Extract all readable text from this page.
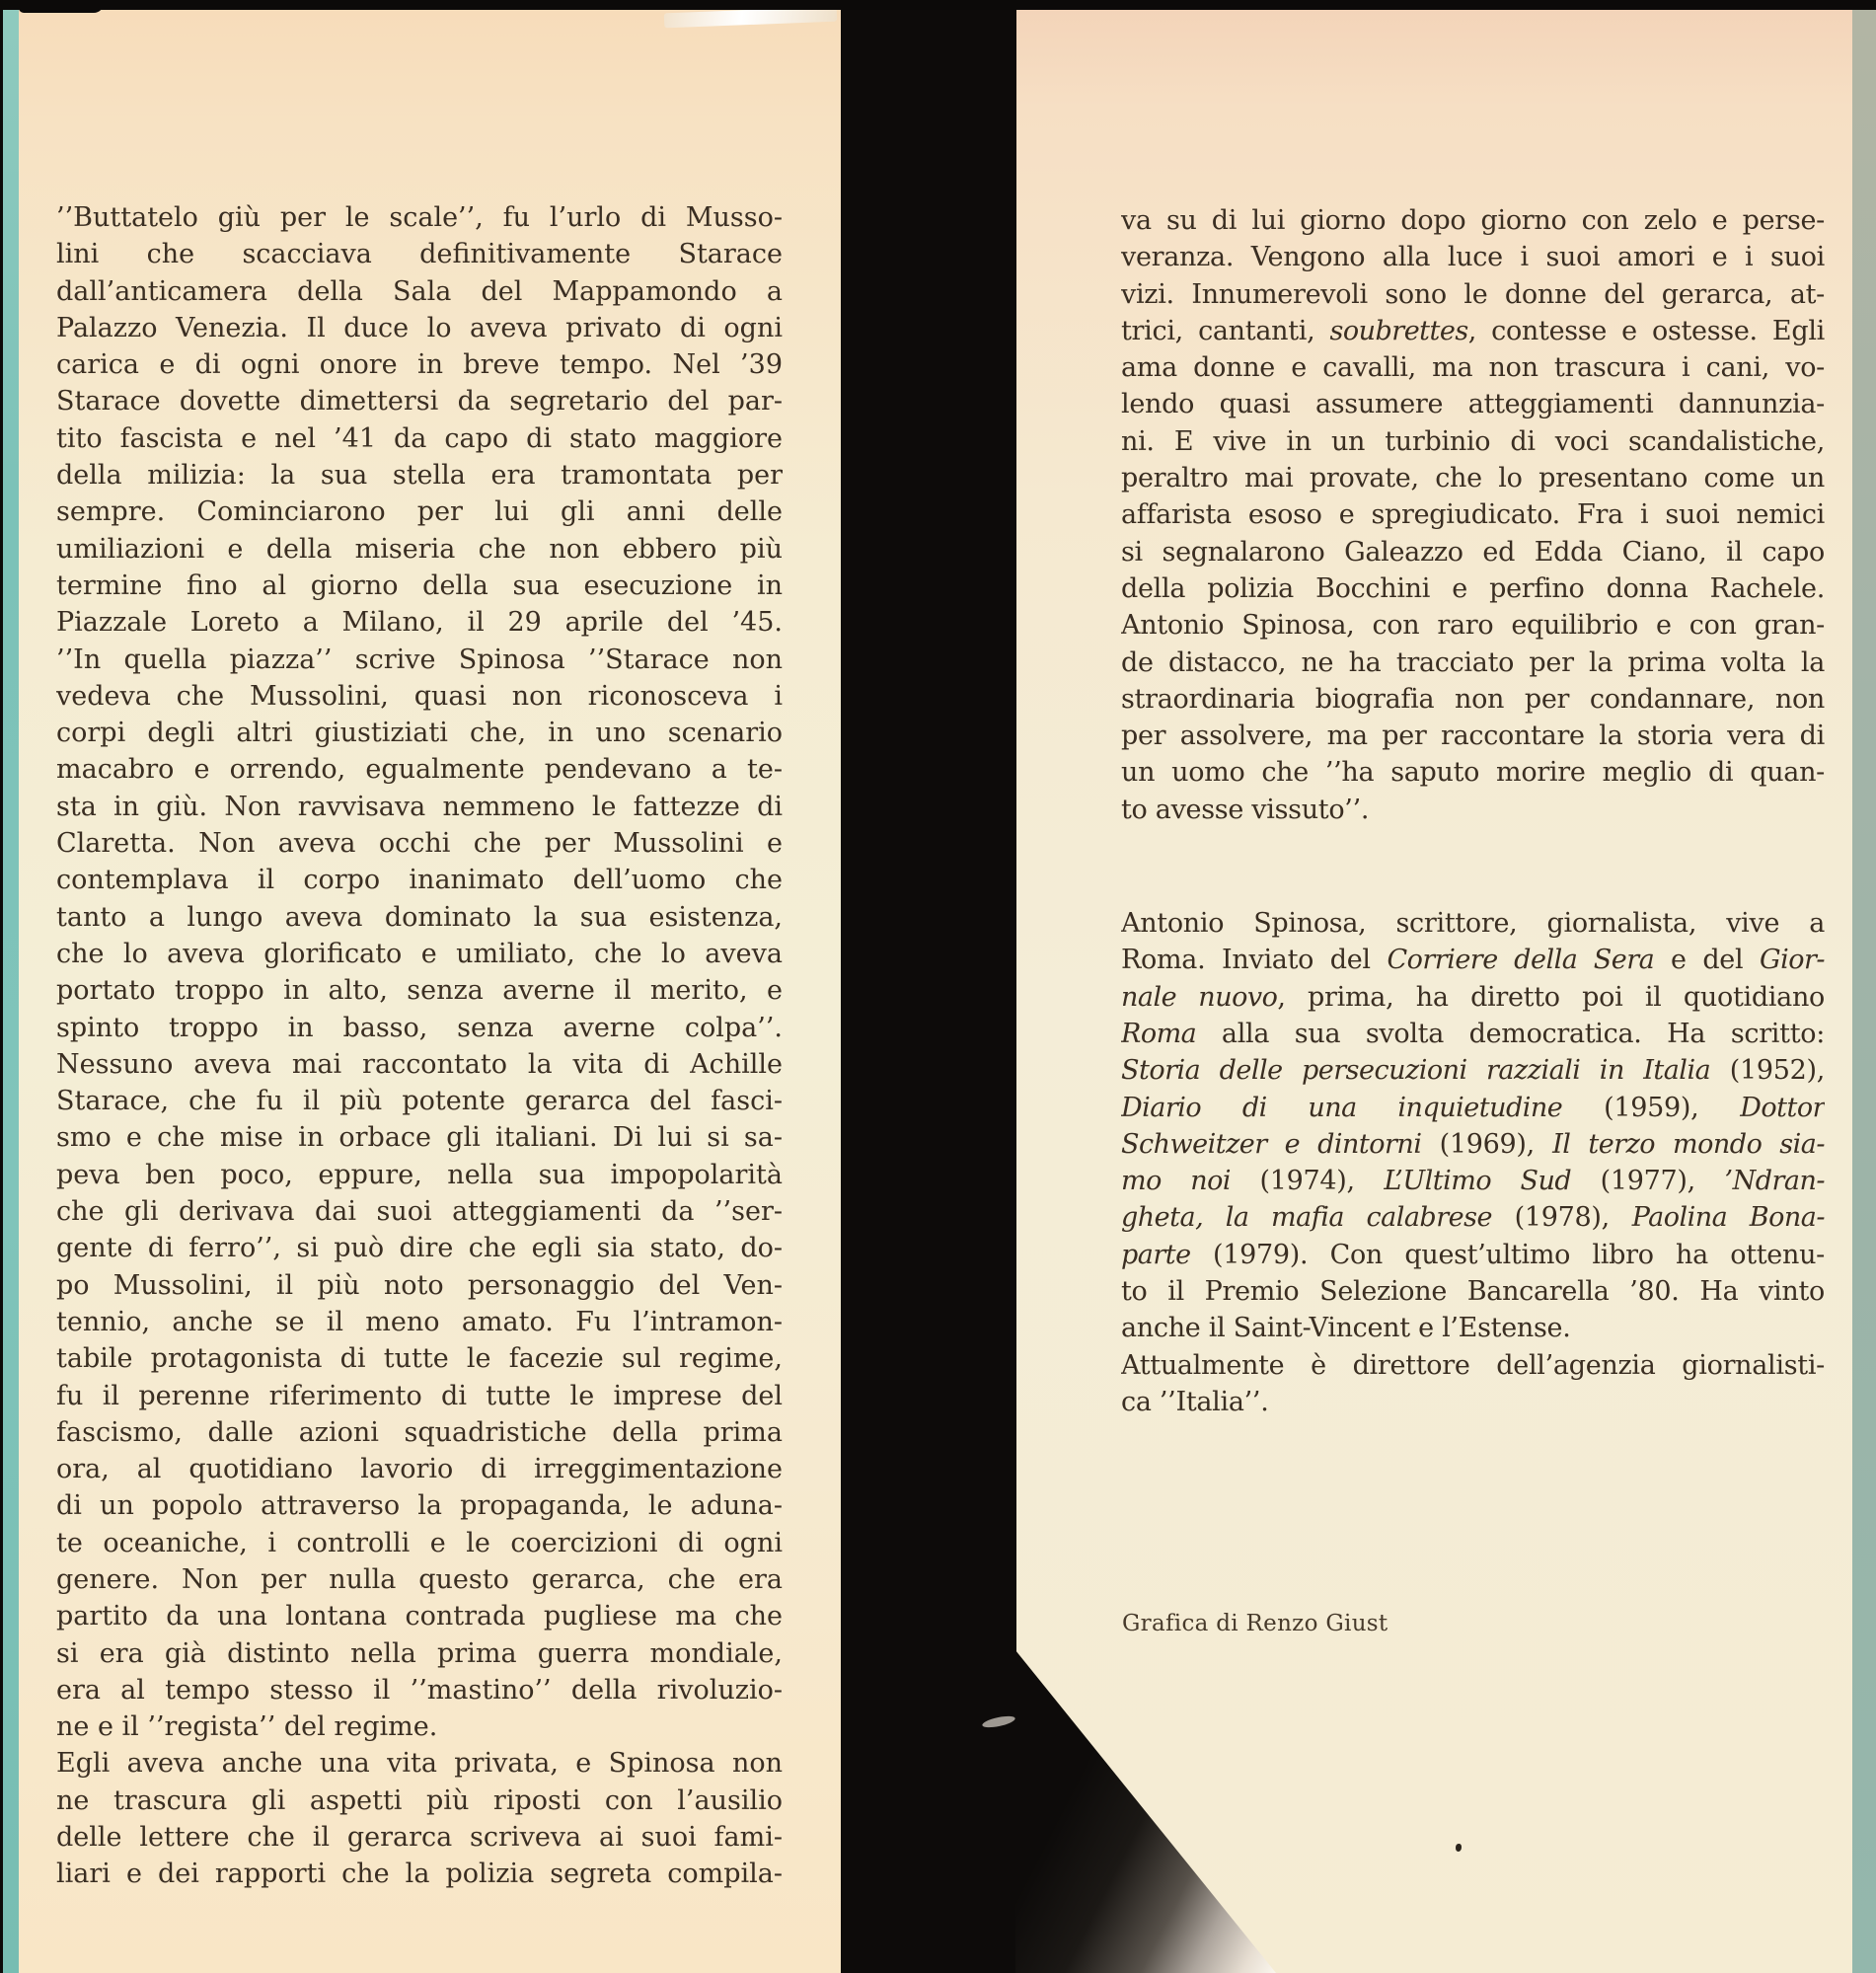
’’Buttatelo giù per le scale’’, fu l’urlo di Musso-
lini che scacciava definitivamente Starace
dall’anticamera della Sala del Mappamondo a
Palazzo Venezia. Il duce lo aveva privato di ogni
carica e di ogni onore in breve tempo. Nel ’39
Starace dovette dimettersi da segretario del par-
tito fascista e nel ’41 da capo di stato maggiore
della milizia: la sua stella era tramontata per
sempre. Cominciarono per lui gli anni delle
umiliazioni e della miseria che non ebbero più
termine fino al giorno della sua esecuzione in
Piazzale Loreto a Milano, il 29 aprile del ’45.
’’In quella piazza’’ scrive Spinosa ’’Starace non
vedeva che Mussolini, quasi non riconosceva i
corpi degli altri giustiziati che, in uno scenario
macabro e orrendo, egualmente pendevano a te-
sta in giù. Non ravvisava nemmeno le fattezze di
Claretta. Non aveva occhi che per Mussolini e
contemplava il corpo inanimato dell’uomo che
tanto a lungo aveva dominato la sua esistenza,
che lo aveva glorificato e umiliato, che lo aveva
portato troppo in alto, senza averne il merito, e
spinto troppo in basso, senza averne colpa’’.
Nessuno aveva mai raccontato la vita di Achille
Starace, che fu il più potente gerarca del fasci-
smo e che mise in orbace gli italiani. Di lui si sa-
peva ben poco, eppure, nella sua impopolarità
che gli derivava dai suoi atteggiamenti da ’’ser-
gente di ferro’’, si può dire che egli sia stato, do-
po Mussolini, il più noto personaggio del Ven-
tennio, anche se il meno amato. Fu l’intramon-
tabile protagonista di tutte le facezie sul regime,
fu il perenne riferimento di tutte le imprese del
fascismo, dalle azioni squadristiche della prima
ora, al quotidiano lavorio di irreggimentazione
di un popolo attraverso la propaganda, le aduna-
te oceaniche, i controlli e le coercizioni di ogni
genere. Non per nulla questo gerarca, che era
partito da una lontana contrada pugliese ma che
si era già distinto nella prima guerra mondiale,
era al tempo stesso il ’’mastino’’ della rivoluzio-
ne e il ’’regista’’ del regime.
Egli aveva anche una vita privata, e Spinosa non
ne trascura gli aspetti più riposti con l’ausilio
delle lettere che il gerarca scriveva ai suoi fami-
liari e dei rapporti che la polizia segreta compila-
va su di lui giorno dopo giorno con zelo e perse-
veranza. Vengono alla luce i suoi amori e i suoi
vizi. Innumerevoli sono le donne del gerarca, at-
trici, cantanti, soubrettes, contesse e ostesse. Egli
ama donne e cavalli, ma non trascura i cani, vo-
lendo quasi assumere atteggiamenti dannunzia-
ni. E vive in un turbinio di voci scandalistiche,
peraltro mai provate, che lo presentano come un
affarista esoso e spregiudicato. Fra i suoi nemici
si segnalarono Galeazzo ed Edda Ciano, il capo
della polizia Bocchini e perfino donna Rachele.
Antonio Spinosa, con raro equilibrio e con gran-
de distacco, ne ha tracciato per la prima volta la
straordinaria biografia non per condannare, non
per assolvere, ma per raccontare la storia vera di
un uomo che ’’ha saputo morire meglio di quan-
to avesse vissuto’’.
Antonio Spinosa, scrittore, giornalista, vive a
Roma. Inviato del Corriere della Sera e del Gior-
nale nuovo, prima, ha diretto poi il quotidiano
Roma alla sua svolta democratica. Ha scritto:
Storia delle persecuzioni razziali in Italia (1952),
Diario di una inquietudine (1959), Dottor
Schweitzer e dintorni (1969), Il terzo mondo sia-
mo noi (1974), L’Ultimo Sud (1977), ’Ndran-
gheta, la mafia calabrese (1978), Paolina Bona-
parte (1979). Con quest’ultimo libro ha ottenu-
to il Premio Selezione Bancarella ’80. Ha vinto
anche il Saint-Vincent e l’Estense.
Attualmente è direttore dell’agenzia giornalisti-
ca ’’Italia’’.
Grafica di Renzo Giust
